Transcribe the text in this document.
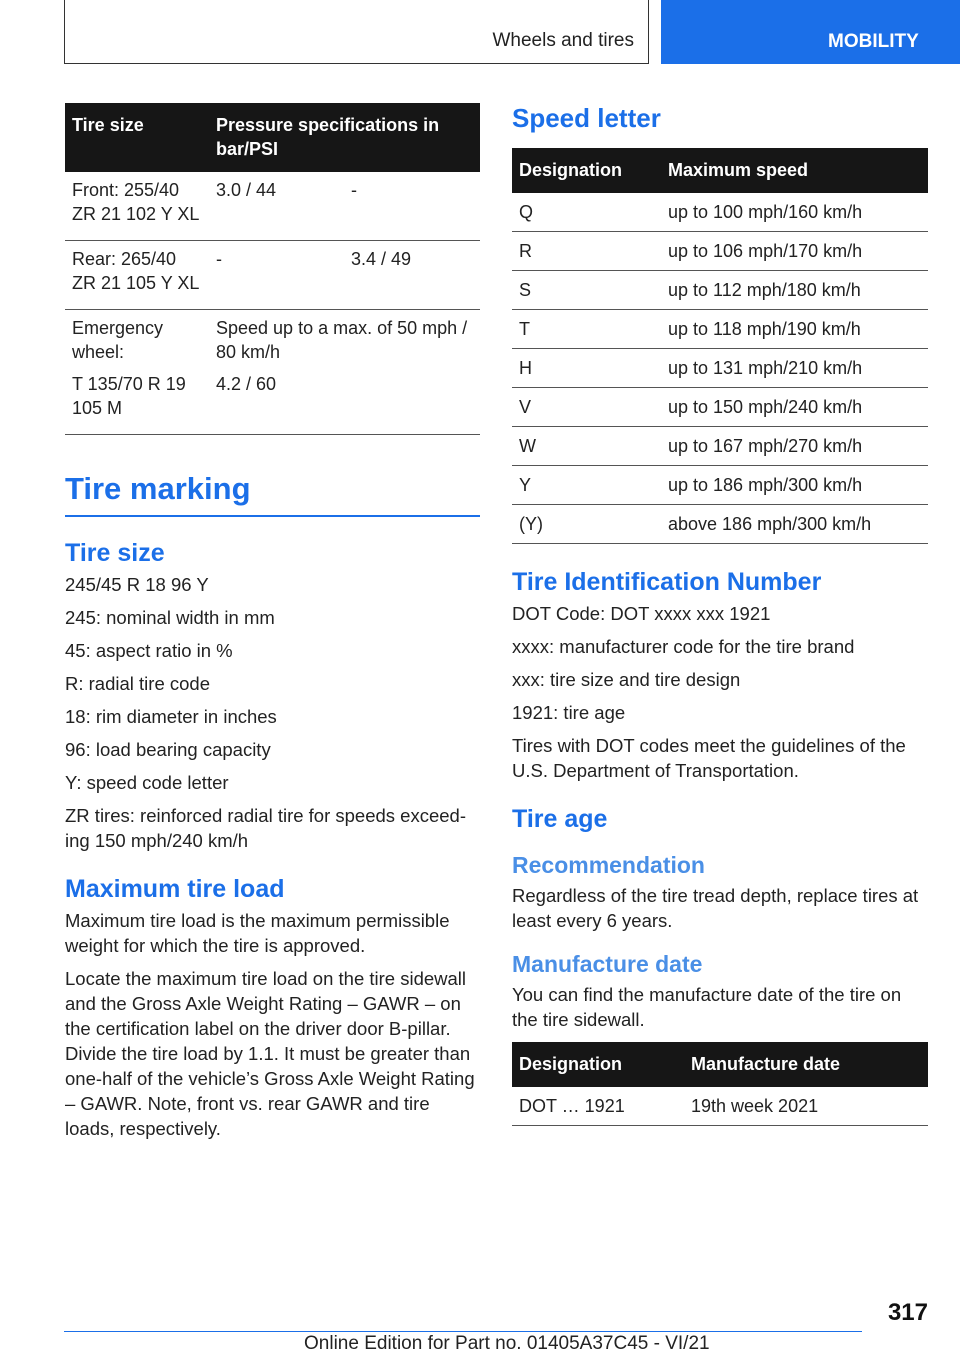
Wheels and tires	MOBILITY
Tire size	Pressure specifications in bar/PSI	
Front: 255/40 ZR 21 102 Y XL	3.0 / 44	-
Rear: 265/40 ZR 21 105 Y XL	-	3.4 / 49
Emergency wheel:	Speed up to a max. of 50 mph / 80 km/h	
T 135/70 R 19 105 M	4.2 / 60	
Tire marking
Tire size

245/45 R 18 96 Y

245: nominal width in mm

45: aspect ratio in %

R: radial tire code

18: rim diameter in inches

96: load bearing capacity

Y: speed code letter

ZR tires: reinforced radial tire for speeds exceeding 150 mph/240 km/h

Maximum tire load

Maximum tire load is the maximum permissible weight for which the tire is approved.

Locate the maximum tire load on the tire sidewall and the Gross Axle Weight Rating – GAWR – on the certification label on the driver door B-pillar. Divide the tire load by 1.1. It must be greater than one-half of the vehicle’s Gross Axle Weight Rating – GAWR. Note, front vs. rear GAWR and tire loads, respectively.

Speed letter
Designation	Maximum speed
Q	up to 100 mph/160 km/h
R	up to 106 mph/170 km/h
S	up to 112 mph/180 km/h
T	up to 118 mph/190 km/h
H	up to 131 mph/210 km/h
V	up to 150 mph/240 km/h
W	up to 167 mph/270 km/h
Y	up to 186 mph/300 km/h
(Y)	above 186 mph/300 km/h
Tire Identification Number

DOT Code: DOT xxxx xxx 1921

xxxx: manufacturer code for the tire brand

xxx: tire size and tire design

1921: tire age

Tires with DOT codes meet the guidelines of the U.S. Department of Transportation.

Tire age
Recommendation

Regardless of the tire tread depth, replace tires at least every 6 years.

Manufacture date

You can find the manufacture date of the tire on the tire sidewall.

Designation	Manufacture date
DOT … 1921	19th week 2021
317
Online Edition for Part no. 01405A37C45 - VI/21
